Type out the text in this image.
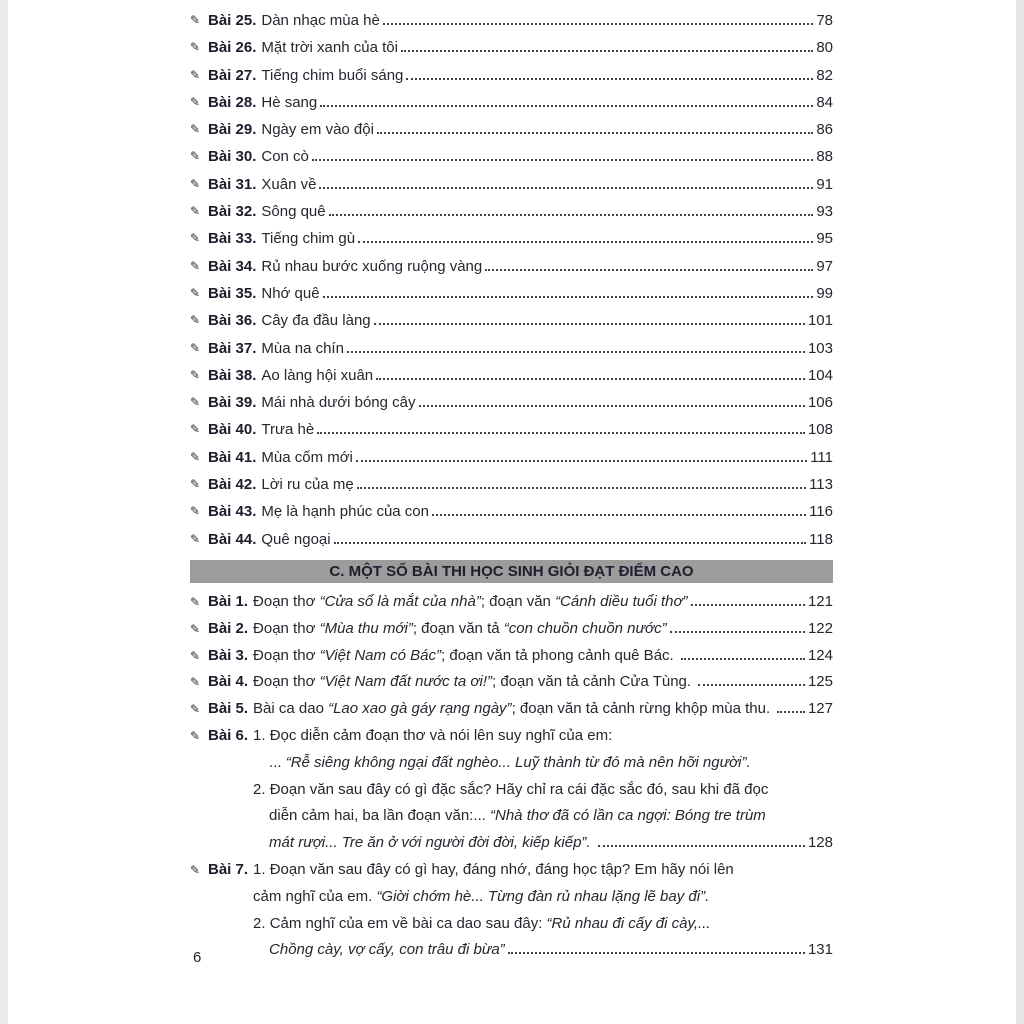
✎ Bài 25. Dàn nhạc mùa hè	78
✎ Bài 26. Mặt trời xanh của tôi	80
✎ Bài 27. Tiếng chim buổi sáng	82
✎ Bài 28. Hè sang	84
✎ Bài 29. Ngày em vào đội	86
✎ Bài 30. Con cò	88
✎ Bài 31. Xuân về	91
✎ Bài 32. Sông quê	93
✎ Bài 33. Tiếng chim gù	95
✎ Bài 34. Rủ nhau bước xuống ruộng vàng	97
✎ Bài 35. Nhớ quê	99
✎ Bài 36. Cây đa đầu làng	101
✎ Bài 37. Mùa na chín	103
✎ Bài 38. Ao làng hội xuân	104
✎ Bài 39. Mái nhà dưới bóng cây	106
✎ Bài 40. Trưa hè	108
✎ Bài 41. Mùa cốm mới	111
✎ Bài 42. Lời ru của mẹ	113
✎ Bài 43. Mẹ là hạnh phúc của con	116
✎ Bài 44. Quê ngoại	118
C. MỘT SỐ BÀI THI HỌC SINH GIỎI ĐẠT ĐIỂM CAO
✎ Bài 1. Đoạn thơ “Cửa sổ là mắt của nhà” ; đoạn văn “Cánh diều tuổi thơ”	121
✎ Bài 2. Đoạn thơ “Mùa thu mới” ; đoạn văn tả “con chuồn chuồn nước”	122
✎ Bài 3. Đoạn thơ “Việt Nam có Bác” ; đoạn văn tả phong cảnh quê Bác.	124
✎ Bài 4. Đoạn thơ “Việt Nam đất nước ta ơi!” ; đoạn văn tả cảnh Cửa Tùng.	125
✎ Bài 5. Bài ca dao “Lao xao gà gáy rạng ngày” ; đoạn văn tả cảnh rừng khộp mùa thu. 127
✎ Bài 6. 1. Đọc diễn cảm đoạn thơ và nói lên suy nghĩ của em:
... “Rễ siêng không ngại đất nghèo... Luỹ thành từ đó mà nên hỡi người”.
2. Đoạn văn sau đây có gì đặc sắc? Hãy chỉ ra cái đặc sắc đó, sau khi đã đọc
diễn cảm hai, ba lần đoạn văn:... “Nhà thơ đã có lần ca ngợi: Bóng tre trùm
mát rượi... Tre ăn ở với người đời đời, kiếp kiếp”.	128
✎ Bài 7. 1. Đoạn văn sau đây có gì hay, đáng nhớ, đáng học tập? Em hãy nói lên
cảm nghĩ của em. “Giời chớm hè... Từng đàn rủ nhau lặng lẽ bay đi”.
2. Cảm nghĩ của em về bài ca dao sau đây: “Rủ nhau đi cấy đi cày,...
Chồng cày, vợ cấy, con trâu đi bừa”	131
6
